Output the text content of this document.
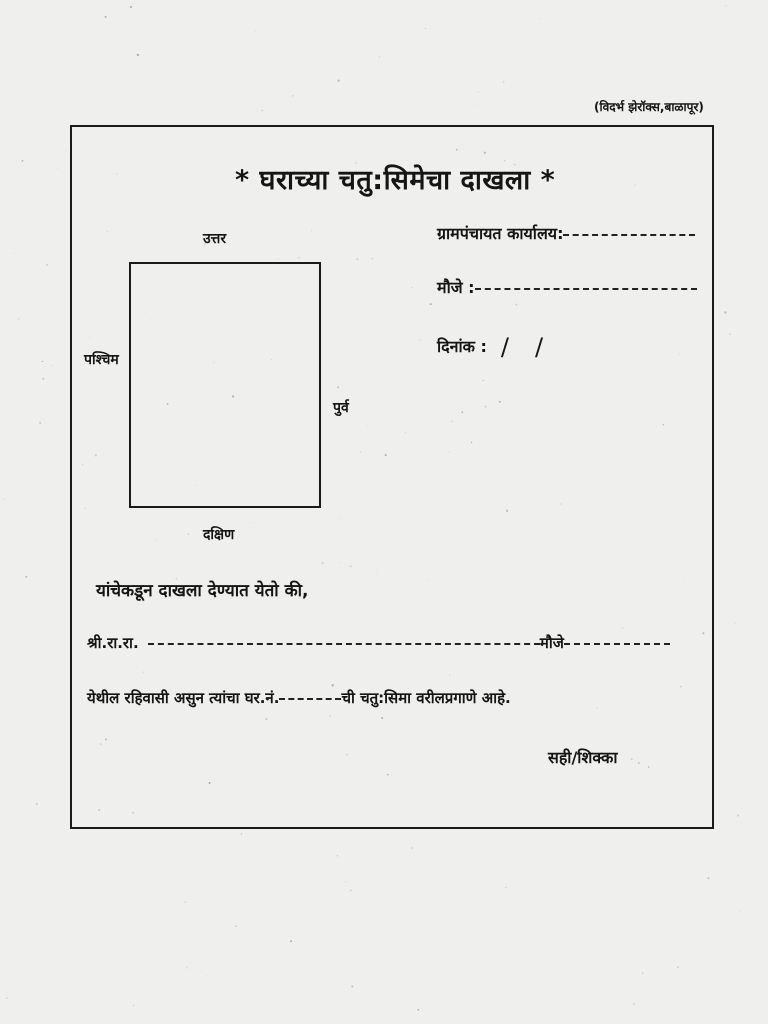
(विदर्भ झेरॉक्स,बाळापूर)
* घराच्या चतु:सिमेचा दाखला *
उत्तर
पश्चिम
पुर्व
दक्षिण
ग्रामपंचायत कार्यालय:
मौजे :
दिनांक : / /
यांचेकडून दाखला देण्यात येतो की,
श्री.रा.रा.	मौजे
येथील रहिवासी असुन त्यांचा घर.नं.	ची चतु:सिमा वरीलप्रगाणे आहे.
सही/शिक्का
